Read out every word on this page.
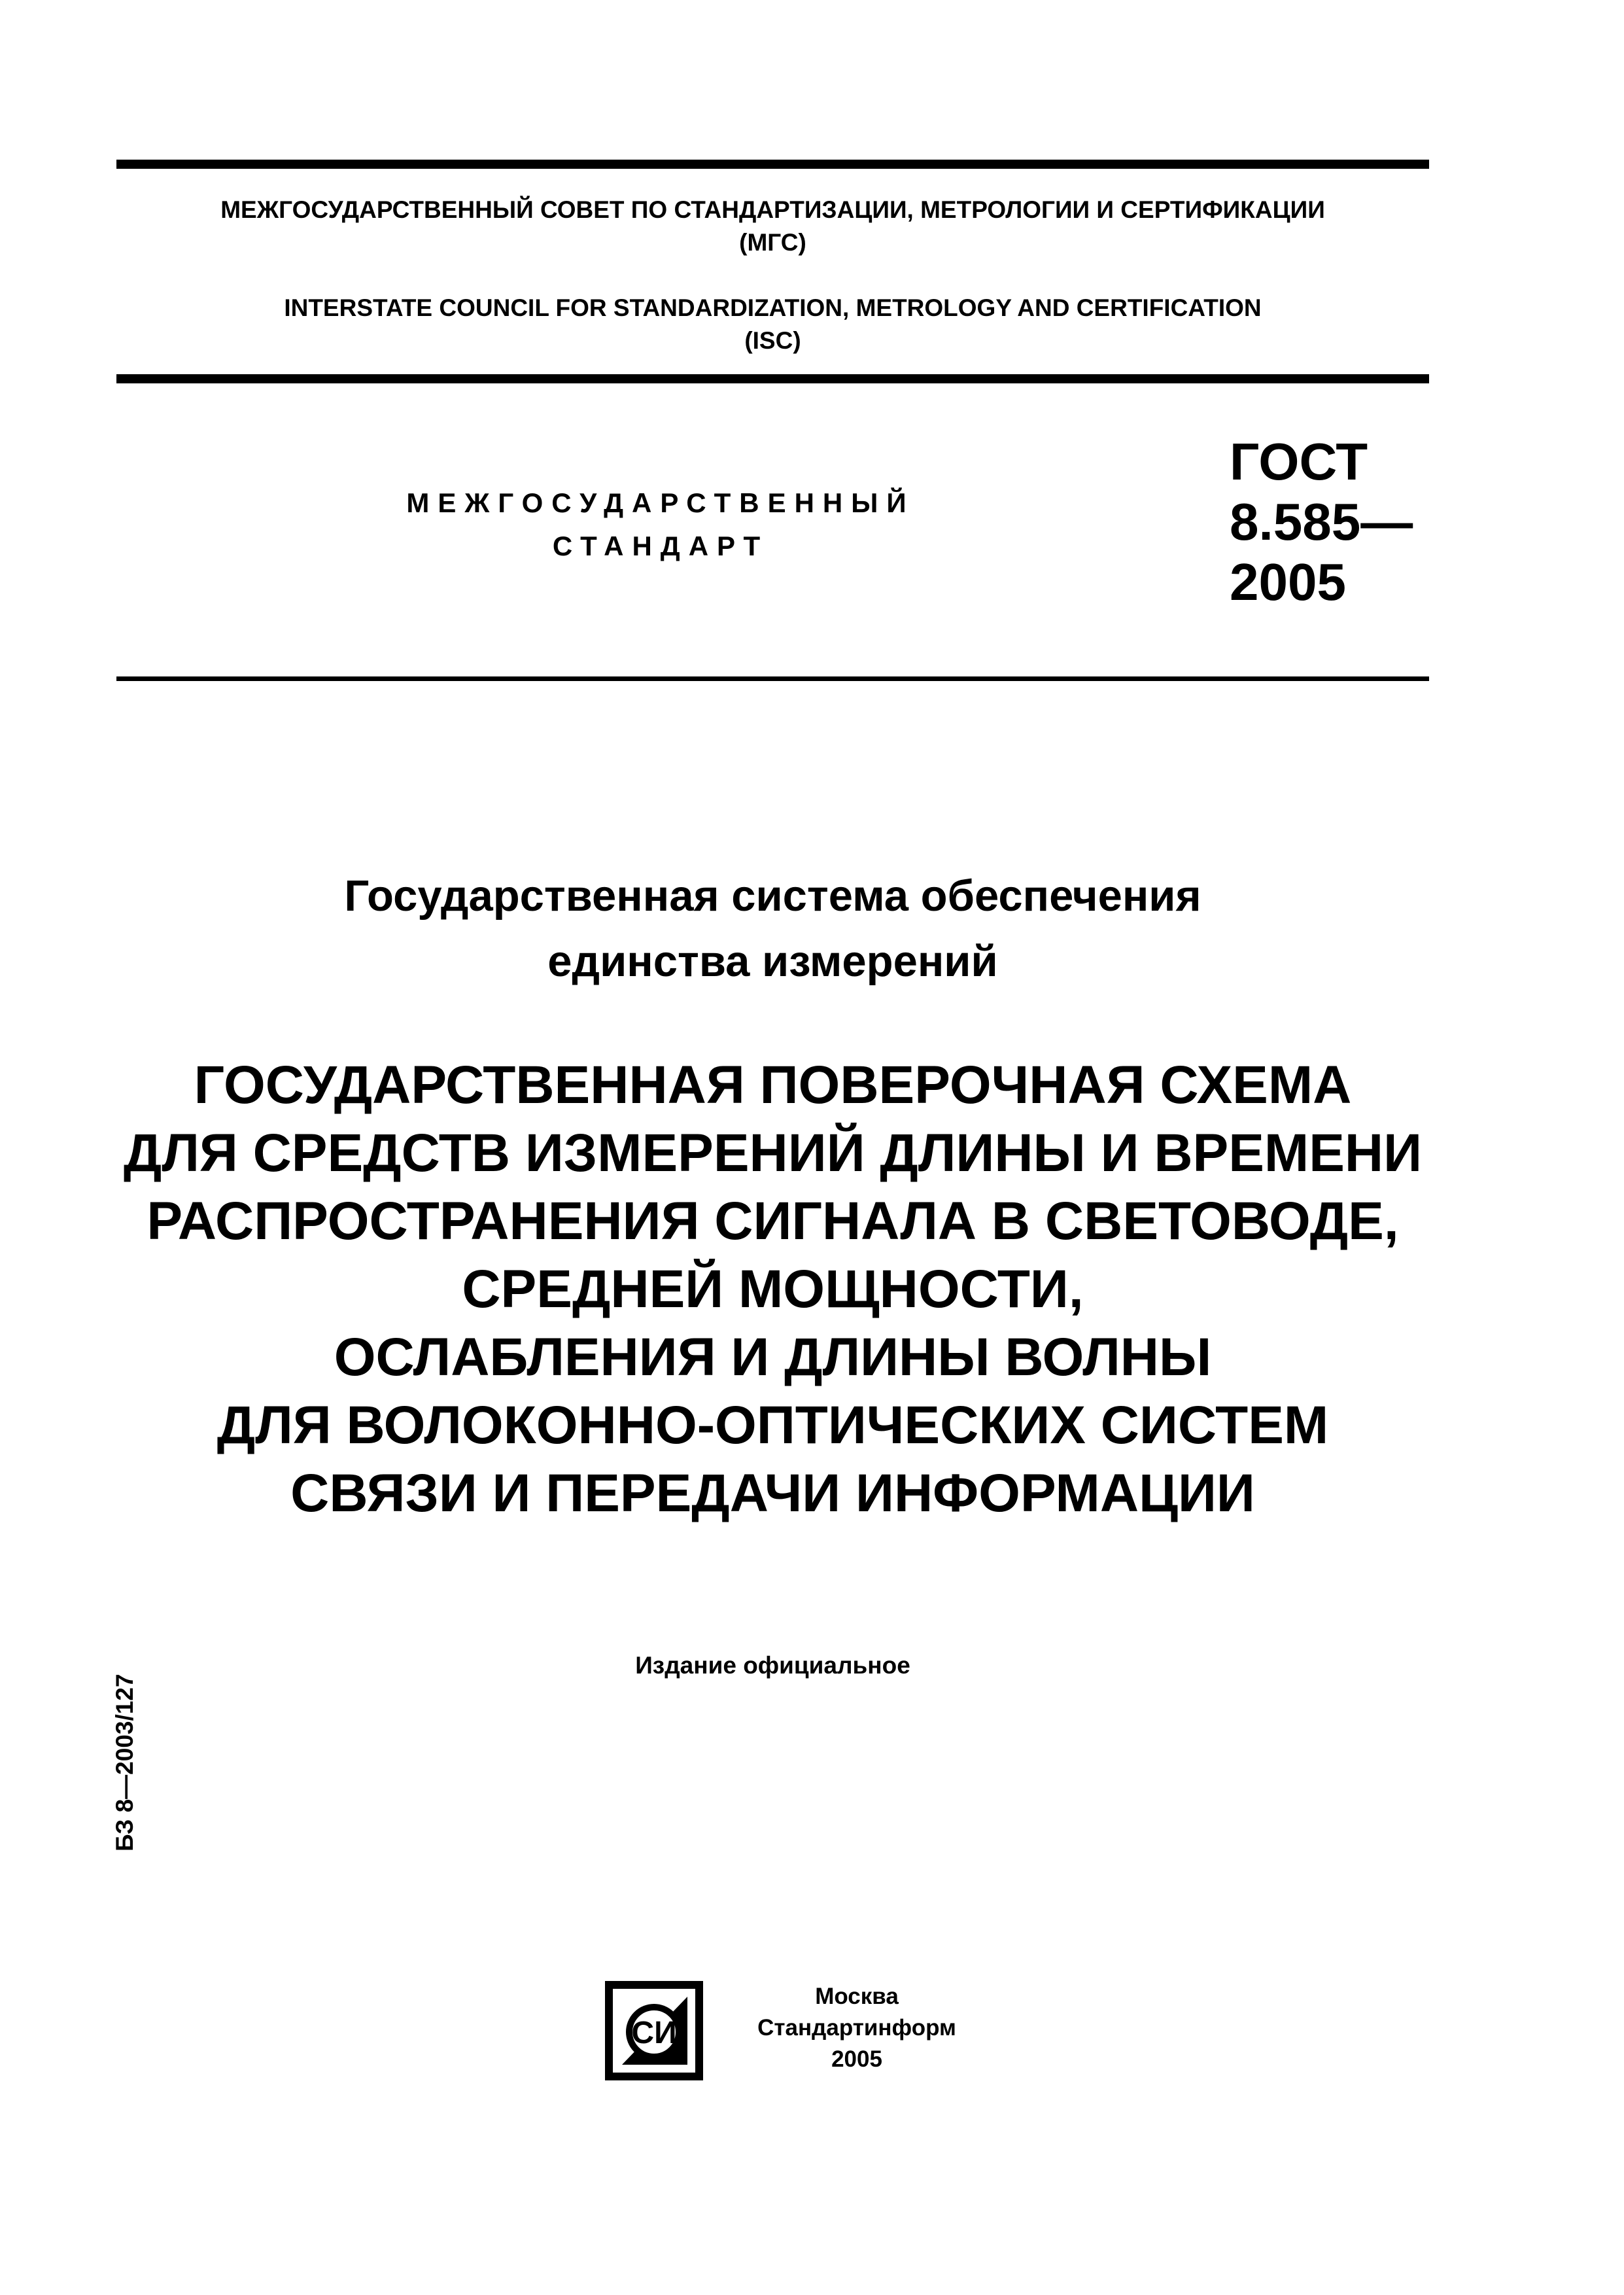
МЕЖГОСУДАРСТВЕННЫЙ СОВЕТ ПО СТАНДАРТИЗАЦИИ, МЕТРОЛОГИИ И СЕРТИФИКАЦИИ
(МГС)
INTERSTATE COUNCIL FOR STANDARDIZATION, METROLOGY AND CERTIFICATION
(ISC)
МЕЖГОСУДАРСТВЕННЫЙ
СТАНДАРТ
ГОСТ
8.585—
2005
Государственная система обеспечения
единства измерений
ГОСУДАРСТВЕННАЯ ПОВЕРОЧНАЯ СХЕМА
ДЛЯ СРЕДСТВ ИЗМЕРЕНИЙ ДЛИНЫ И ВРЕМЕНИ
РАСПРОСТРАНЕНИЯ СИГНАЛА В СВЕТОВОДЕ,
СРЕДНЕЙ МОЩНОСТИ,
ОСЛАБЛЕНИЯ И ДЛИНЫ ВОЛНЫ
ДЛЯ ВОЛОКОННО-ОПТИЧЕСКИХ СИСТЕМ
СВЯЗИ И ПЕРЕДАЧИ ИНФОРМАЦИИ
Издание официальное
БЗ 8—2003/127
СИ
Москва
Стандартинформ
2005
